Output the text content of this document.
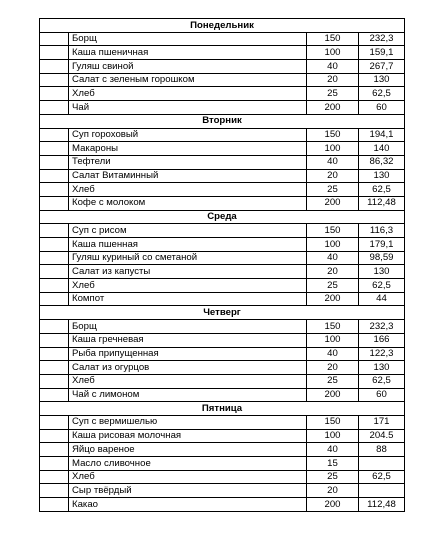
Понедельник			
	Борщ	150	232,3
	Каша пшеничная	100	159,1
	Гуляш свиной	40	267,7
	Салат с зеленым горошком	20	130
	Хлеб	25	62,5
	Чай	200	60
Вторник			
	Суп гороховый	150	194,1
	Макароны	100	140
	Тефтели	40	86,32
	Салат Витаминный	20	130
	Хлеб	25	62,5
	Кофе с молоком	200	112,48
Среда			
	Суп с рисом	150	116,3
	Каша пшенная	100	179,1
	Гуляш куриный со сметаной	40	98,59
	Салат из капусты	20	130
	Хлеб	25	62,5
	Компот	200	44
Четверг			
	Борщ	150	232,3
	Каша гречневая	100	166
	Рыба припущенная	40	122,3
	Салат из огурцов	20	130
	Хлеб	25	62,5
	Чай с лимоном	200	60
Пятница			
	Суп с вермишелью	150	171
	Каша рисовая молочная	100	204.5
	Яйцо вареное	40	88
	Масло сливочное	15	
	Хлеб	25	62,5
	Сыр твёрдый	20	
	Какао	200	112,48
